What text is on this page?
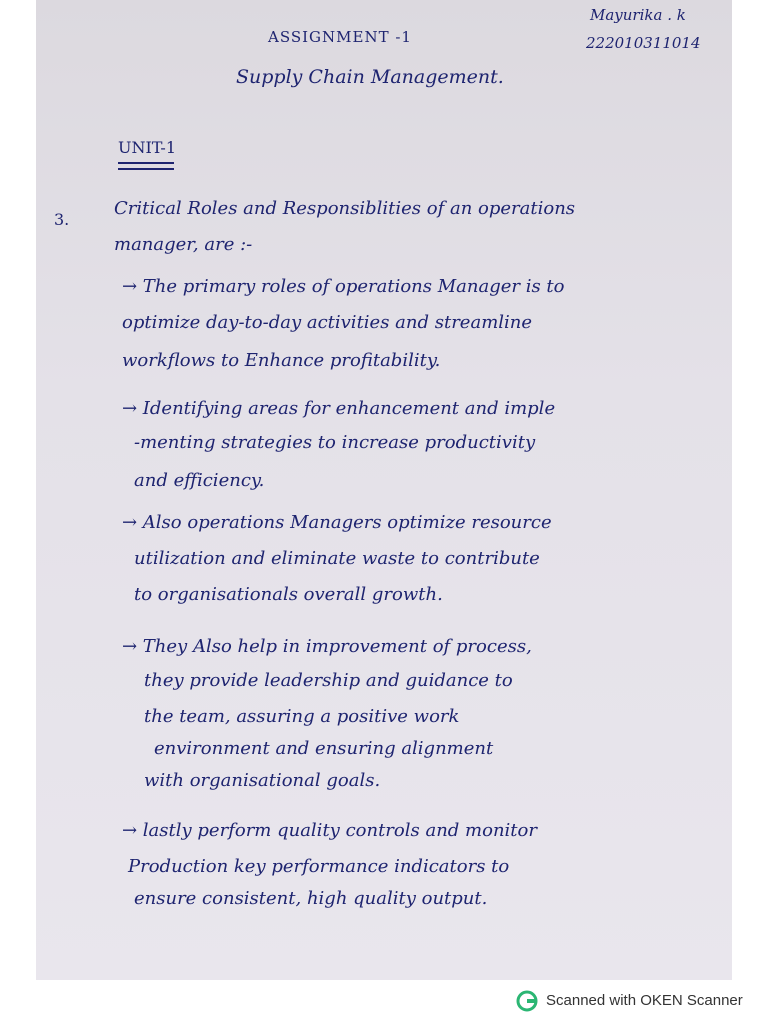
Mayurika . k
222010311014
ASSIGNMENT -1
Supply Chain Management.
UNIT-1
3.
Critical Roles and Responsiblities of an operations
manager, are :-
→ The primary roles of operations Manager is to
optimize day-to-day activities and streamline
workflows to Enhance profitability.
→ Identifying areas for enhancement and imple
-menting strategies to increase productivity
and efficiency.
→ Also operations Managers optimize resource
utilization and eliminate waste to contribute
to organisationals overall growth.
→ They Also help in improvement of process,
they provide leadership and guidance to
the team, assuring a positive work
environment and ensuring alignment
with organisational goals.
→ lastly perform quality controls and monitor
Production key performance indicators to
ensure consistent, high quality output.
Scanned with OKEN Scanner
